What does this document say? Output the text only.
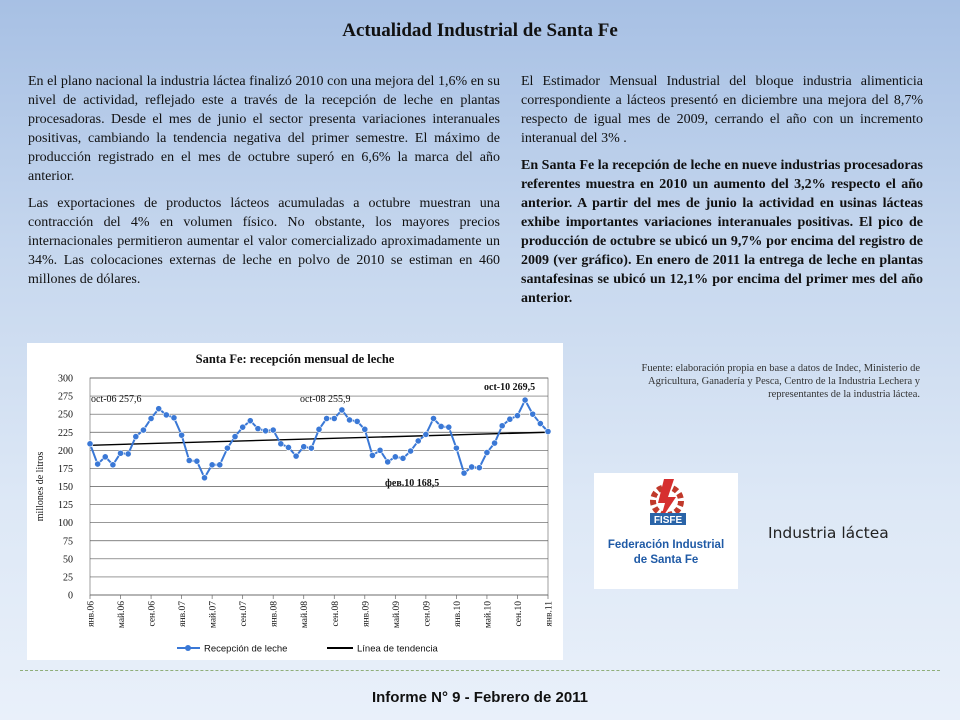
Actualidad Industrial de Santa Fe

En el plano nacional la industria láctea finalizó 2010 con una mejora del 1,6% en su nivel de actividad, reflejado este a través de la recepción de leche en plantas procesadoras. Desde el mes de junio el sector presenta variaciones interanuales positivas, cambiando la tendencia negativa del primer semestre. El máximo de producción registrado en el mes de octubre superó en 6,6% la marca del año anterior.

Las exportaciones de productos lácteos acumuladas a octubre muestran una contracción del 4% en volumen físico. No obstante, los mayores precios internacionales permitieron aumentar el valor comercializado aproximadamente un 34%. Las colocaciones externas de leche en polvo de 2010 se estiman en 460 millones de dólares.

El Estimador Mensual Industrial del bloque industria alimenticia correspondiente a lácteos presentó en diciembre una mejora del 8,7% respecto de igual mes de 2009, cerrando el año con un incremento interanual del 3% .

En Santa Fe la recepción de leche en nueve industrias procesadoras referentes muestra en 2010 un aumento del 3,2% respecto el año anterior. A partir del mes de junio la actividad en usinas lácteas exhibe importantes variaciones interanuales positivas. El pico de producción de octubre se ubicó un 9,7% por encima del registro de 2009 (ver gráfico). En enero de 2011 la entrega de leche en plantas santafesinas se ubicó un 12,1% por encima del primer mes del año anterior.

Santa Fe: recepción mensual de leche
0
25
50
75
100
125
150
175
200
225
250
275
300
millones de litros
янв.06 май.06 сен.06 янв.07 май.07 сен.07 янв.08 май.08 сен.08 янв.09 май.09 сен.09 янв.10 май.10 сен.10 янв.11
oct-06 257,6	oct-08 255,9
фев.10 168,5
oct-10 269,5
Recepción de leche	Línea de tendencia
Fuente: elaboración propia en base a datos de Indec, Ministerio de Agricultura, Ganadería y Pesca, Centro de la Industria Lechera y representantes de la industria láctea.
FISFE
Federación Industrial
de Santa Fe
Industria láctea
Informe N° 9 - Febrero de 2011
